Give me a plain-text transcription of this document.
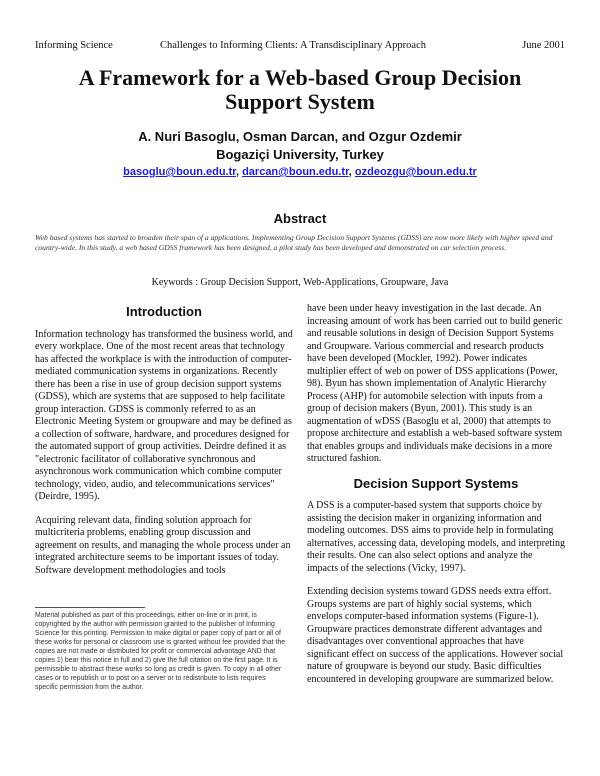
Informing Science	Challenges to Informing Clients: A Transdisciplinary Approach	June 2001
A Framework for a Web-based Group Decision
Support System
A. Nuri Basoglu, Osman Darcan, and Ozgur Ozdemir
Bogaziçi University, Turkey
basoglu@boun.edu.tr, darcan@boun.edu.tr, ozdeozgu@boun.edu.tr
Abstract
Web based systems has started to broaden their span of a applications. Implementing Group Decision Support Systems (GDSS) are now more likely with higher speed and country-wide. In this study, a web based GDSS framework has been designed, a pilot study has been developed and demonstrated on car selection process.
Keywords : Group Decision Support, Web-Applications, Groupware, Java
Introduction

Information technology has transformed the business world, and every workplace. One of the most recent areas that technology has affected the workplace is with the introduction of computer-mediated communication systems in organizations. Recently there has been a rise in use of group decision support systems (GDSS), which are systems that are supposed to help facilitate group interaction. GDSS is commonly referred to as an Electronic Meeting System or groupware and may be defined as a collection of software, hardware, and procedures designed for the automated support of group activities. Deirdre defined it as "electronic facilitator of collaborative synchronous and asynchronous work communication which combine computer technology, video, audio, and telecommunications services" (Deirdre, 1995).

Acquiring relevant data, finding solution approach for multicriteria problems, enabling group discussion and agreement on results, and managing the whole process under an integrated architecture seems to be important issues of today. Software development methodologies and tools

have been under heavy investigation in the last decade. An increasing amount of work has been carried out to build generic and reusable solutions in design of Decision Support Systems and Groupware. Various commercial and research products have been developed (Mockler, 1992). Power indicates multiplier effect of web on power of DSS applications (Power, 98). Byun has shown implementation of Analytic Hierarchy Process (AHP) for automobile selection with inputs from a group of decision makers (Byun, 2001). This study is an augmentation of wDSS (Basoglu et al, 2000) that attempts to propose architecture and establish a web-based software system that enables groups and individuals make decisions in a more structured fashion.

Decision Support Systems

A DSS is a computer-based system that supports choice by assisting the decision maker in organizing information and modeling outcomes. DSS aims to provide help in formulating alternatives, accessing data, developing models, and interpreting their results. One can also select options and analyze the impacts of the selections (Vicky, 1997).

Extending decision systems toward GDSS needs extra effort. Groups systems are part of highly social systems, which envelops computer-based information systems (Figure-1). Groupware practices demonstrate different advantages and disadvantages over conventional approaches that have significant effect on success of the applications. However social nature of groupware is beyond our study. Basic difficulties encountered in developing groupware are summarized below.

Material published as part of this proceedings, either on-line or in print, is copyrighted by the author with permission granted to the publisher of Informing Science for this printing. Permission to make digital or paper copy of part or all of these works for personal or classroom use is granted without fee provided that the copies are not made or distributed for profit or commercial advantage AND that copies 1) bear this notice in full and 2) give the full citation on the first page. It is permissible to abstract these works so long as credit is given. To copy in all other cases or to republish or to post on a server or to redistribute to lists requires specific permission from the author.
